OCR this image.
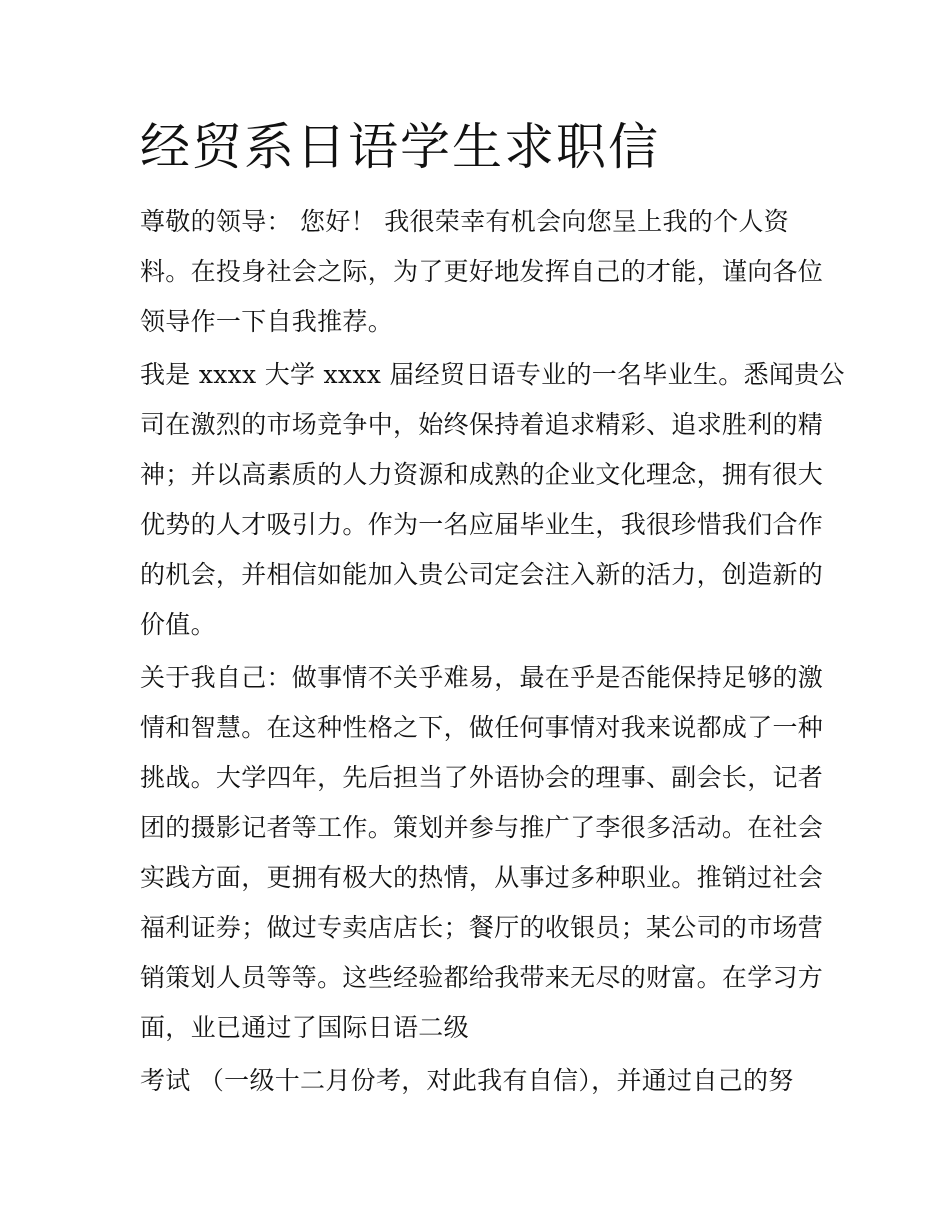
经贸系日语学生求职信

尊敬的领导： 您好！ 我很荣幸有机会向您呈上我的个人资

料。在投身社会之际，为了更好地发挥自己的才能，谨向各位

领导作一下自我推荐。

我是 xxxx 大学 xxxx 届经贸日语专业的一名毕业生。悉闻贵公

司在激烈的市场竞争中，始终保持着追求精彩、追求胜利的精

神；并以高素质的人力资源和成熟的企业文化理念，拥有很大

优势的人才吸引力。作为一名应届毕业生，我很珍惜我们合作

的机会，并相信如能加入贵公司定会注入新的活力，创造新的

价值。

关于我自己：做事情不关乎难易，最在乎是否能保持足够的激

情和智慧。在这种性格之下，做任何事情对我来说都成了一种

挑战。大学四年，先后担当了外语协会的理事、副会长，记者

团的摄影记者等工作。策划并参与推广了李很多活动。在社会

实践方面，更拥有极大的热情，从事过多种职业。推销过社会

福利证券；做过专卖店店长；餐厅的收银员；某公司的市场营

销策划人员等等。这些经验都给我带来无尽的财富。在学习方

面，业已通过了国际日语二级

考试 （一级十二月份考，对此我有自信），并通过自己的努
